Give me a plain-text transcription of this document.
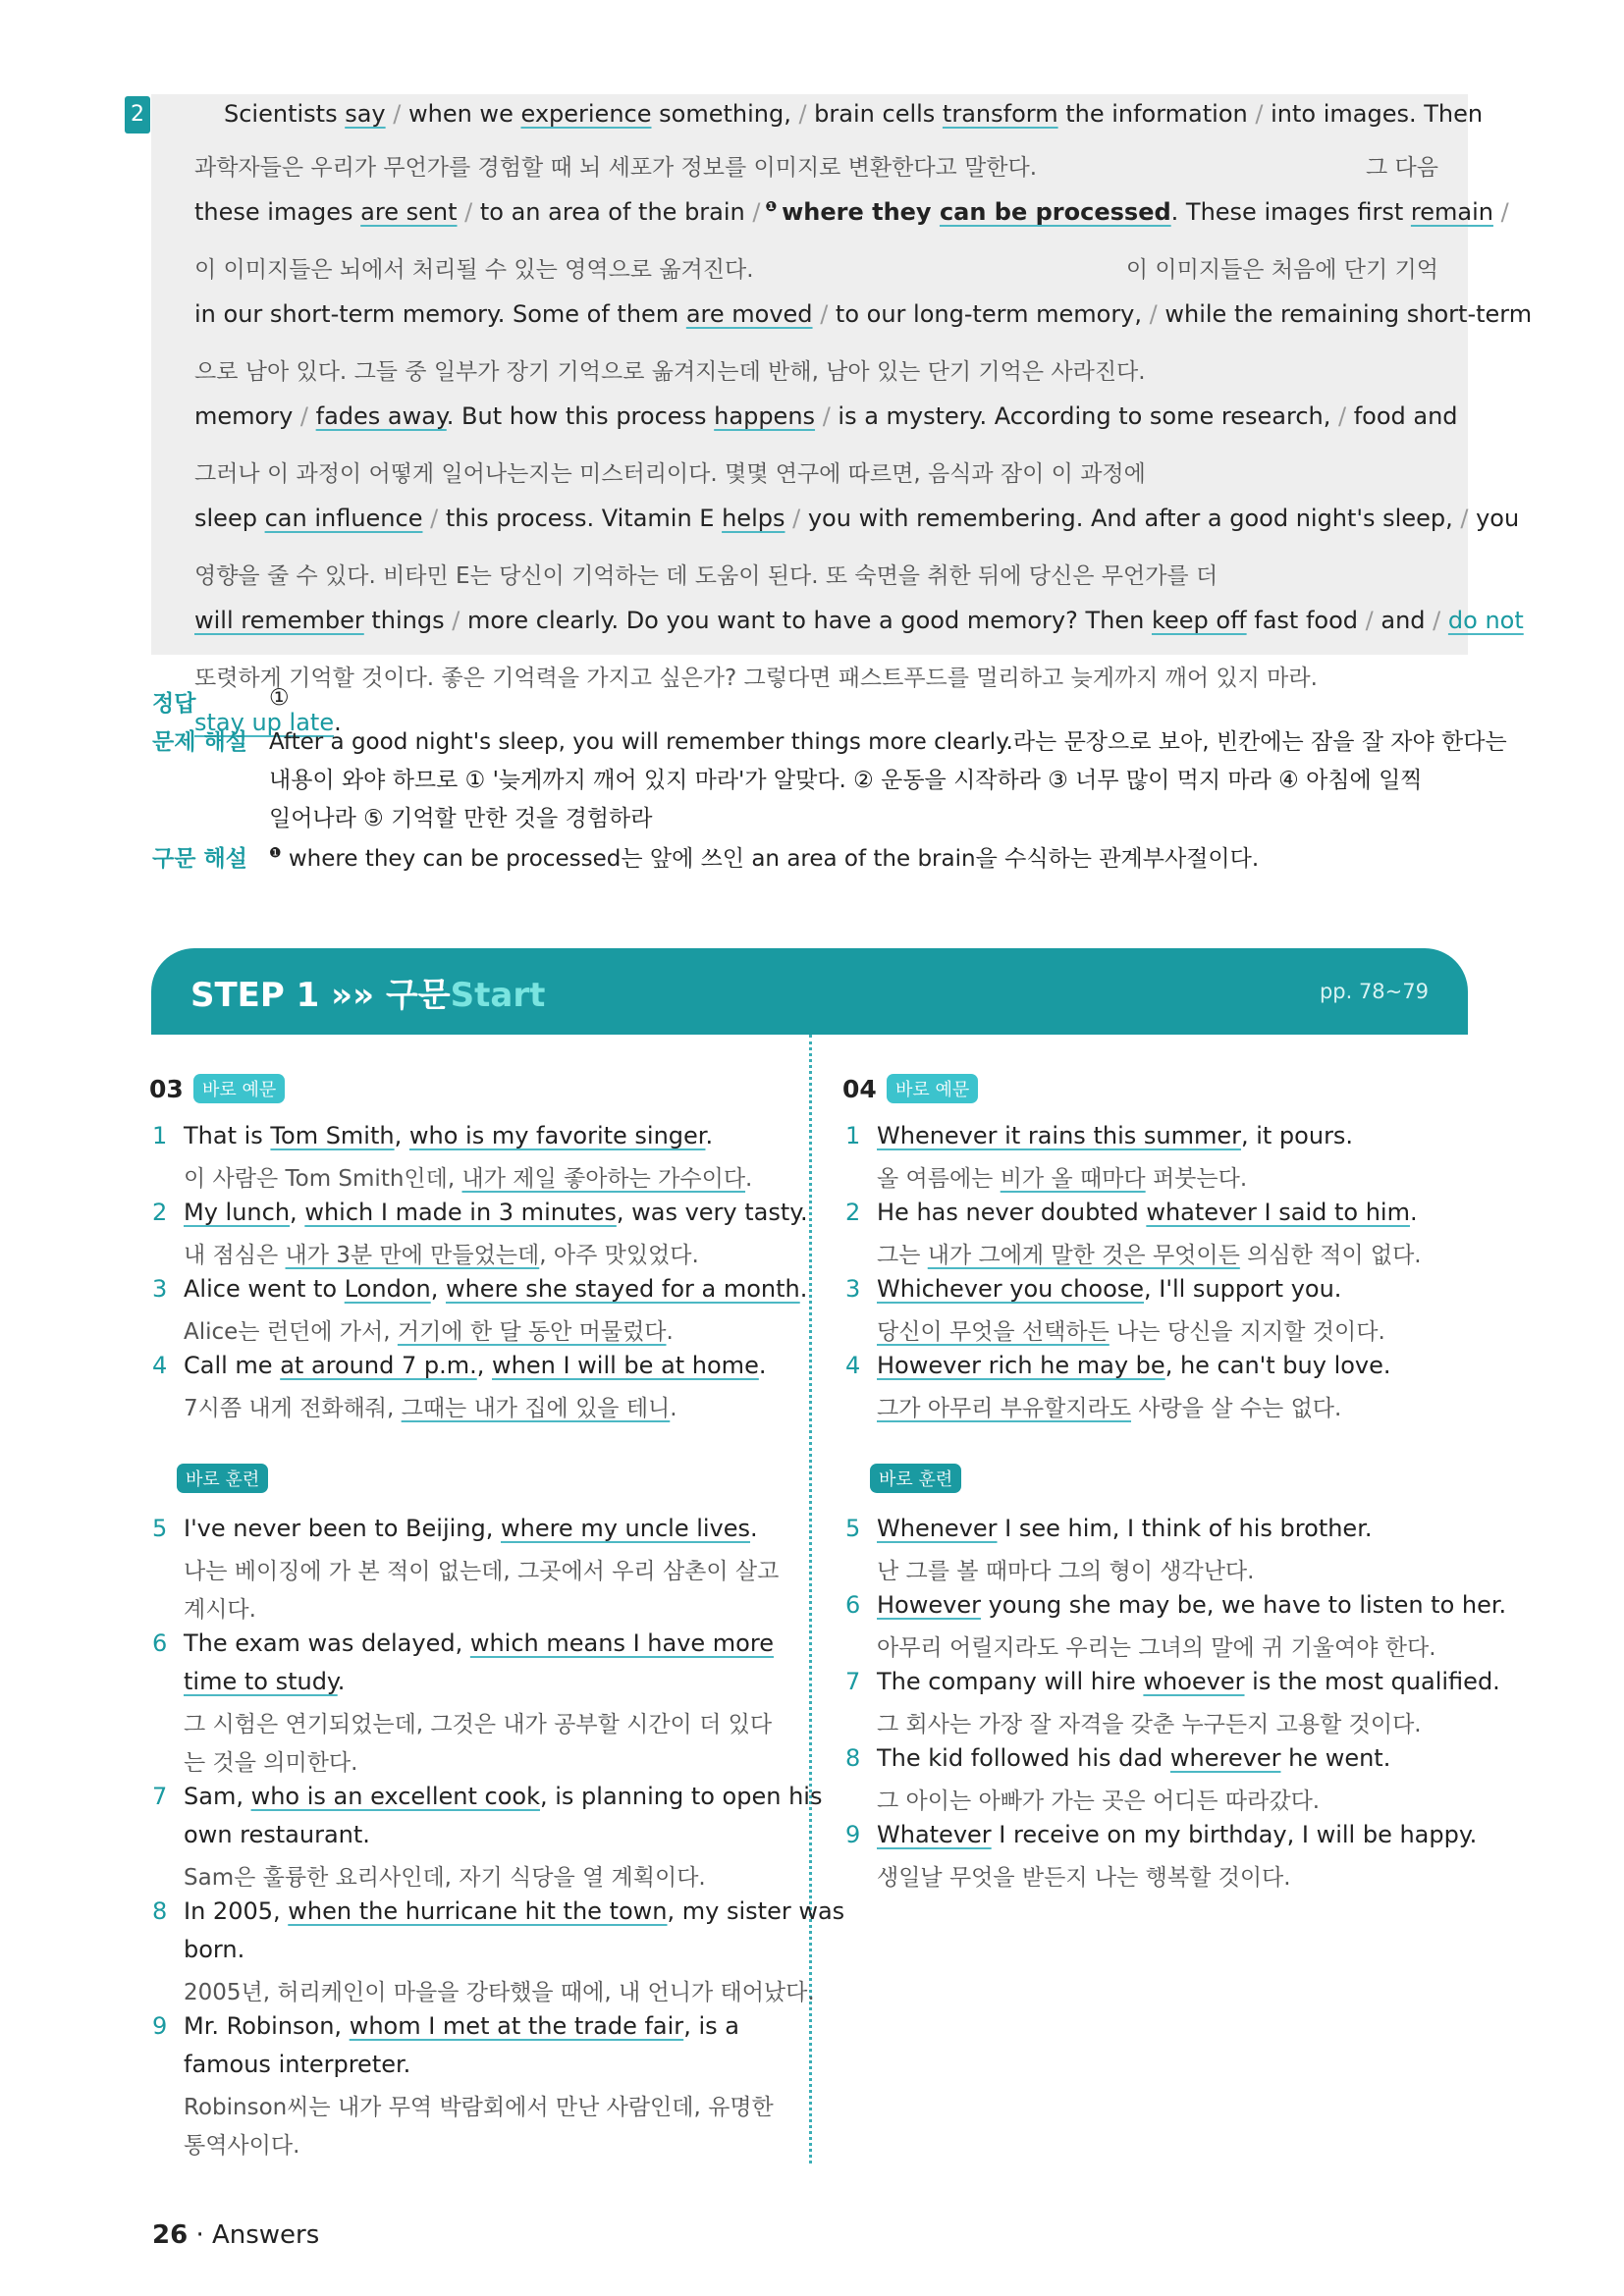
2	Scientists say / when we experience something, / brain cells transform the information / into images. Then
과학자들은 우리가 무언가를 경험할 때 뇌 세포가 정보를 이미지로 변환한다고 말한다.	그 다음
these images are sent / to an area of the brain / $^❶$ where they can be processed. These images first remain /
이 이미지들은 뇌에서 처리될 수 있는 영역으로 옮겨진다.	이 이미지들은 처음에 단기 기억
in our short-term memory. Some of them are moved / to our long-term memory, / while the remaining short-term
으로 남아 있다. 그들 중 일부가 장기 기억으로 옮겨지는데 반해, 남아 있는 단기 기억은 사라진다.
memory / fades away. But how this process happens / is a mystery. According to some research, / food and
그러나 이 과정이 어떻게 일어나는지는 미스터리이다. 몇몇 연구에 따르면, 음식과 잠이 이 과정에
sleep can influence / this process. Vitamin E helps / you with remembering. And after a good night's sleep, / you
영향을 줄 수 있다. 비타민 E는 당신이 기억하는 데 도움이 된다. 또 숙면을 취한 뒤에 당신은 무언가를 더
will remember things / more clearly. Do you want to have a good memory? Then keep off fast food / and / do not
또렷하게 기억할 것이다. 좋은 기억력을 가지고 싶은가? 그렇다면 패스트푸드를 멀리하고 늦게까지 깨어 있지 마라.
stay up late.
정답	①
문제 해설 After a good night's sleep, you will remember things more clearly.라는 문장으로 보아, 빈칸에는 잠을 잘 자야 한다는
내용이 와야 하므로 ① '늦게까지 깨어 있지 마라'가 알맞다. ② 운동을 시작하라 ③ 너무 많이 먹지 마라 ④ 아침에 일찍
일어나라 ⑤ 기억할 만한 것을 경험하라
구문 해설 $^❶$ where they can be processed는 앞에 쓰인 an area of the brain을 수식하는 관계부사절이다.
STEP 1 »» 구문Start	pp. 78~79
26 · Answers
03	바로 예문
1 That is Tom Smith, who is my favorite singer.
이 사람은 Tom Smith인데, 내가 제일 좋아하는 가수이다.
2 My lunch, which I made in 3 minutes, was very tasty.
내 점심은 내가 3분 만에 만들었는데, 아주 맛있었다.
3 Alice went to London, where she stayed for a month.
Alice는 런던에 가서, 거기에 한 달 동안 머물렀다.
4 Call me at around 7 p.m., when I will be at home.
7시쯤 내게 전화해줘, 그때는 내가 집에 있을 테니.
바로 훈련
5 I've never been to Beijing, where my uncle lives.
나는 베이징에 가 본 적이 없는데, 그곳에서 우리 삼촌이 살고
계시다.
6 The exam was delayed, which means I have more
time to study.
그 시험은 연기되었는데, 그것은 내가 공부할 시간이 더 있다
는 것을 의미한다.
7 Sam, who is an excellent cook, is planning to open his
own restaurant.
Sam은 훌륭한 요리사인데, 자기 식당을 열 계획이다.
8 In 2005, when the hurricane hit the town, my sister was
born.
2005년, 허리케인이 마을을 강타했을 때에, 내 언니가 태어났다.
9 Mr. Robinson, whom I met at the trade fair, is a
famous interpreter.
Robinson씨는 내가 무역 박람회에서 만난 사람인데, 유명한
통역사이다.
04	바로 예문
1 Whenever it rains this summer, it pours.
올 여름에는 비가 올 때마다 퍼붓는다.
2 He has never doubted whatever I said to him.
그는 내가 그에게 말한 것은 무엇이든 의심한 적이 없다.
3 Whichever you choose, I'll support you.
당신이 무엇을 선택하든 나는 당신을 지지할 것이다.
4 However rich he may be, he can't buy love.
그가 아무리 부유할지라도 사랑을 살 수는 없다.
바로 훈련
5 Whenever I see him, I think of his brother.
난 그를 볼 때마다 그의 형이 생각난다.
6 However young she may be, we have to listen to her.
아무리 어릴지라도 우리는 그녀의 말에 귀 기울여야 한다.
7 The company will hire whoever is the most qualified.
그 회사는 가장 잘 자격을 갖춘 누구든지 고용할 것이다.
8 The kid followed his dad wherever he went.
그 아이는 아빠가 가는 곳은 어디든 따라갔다.
9 Whatever I receive on my birthday, I will be happy.
생일날 무엇을 받든지 나는 행복할 것이다.
